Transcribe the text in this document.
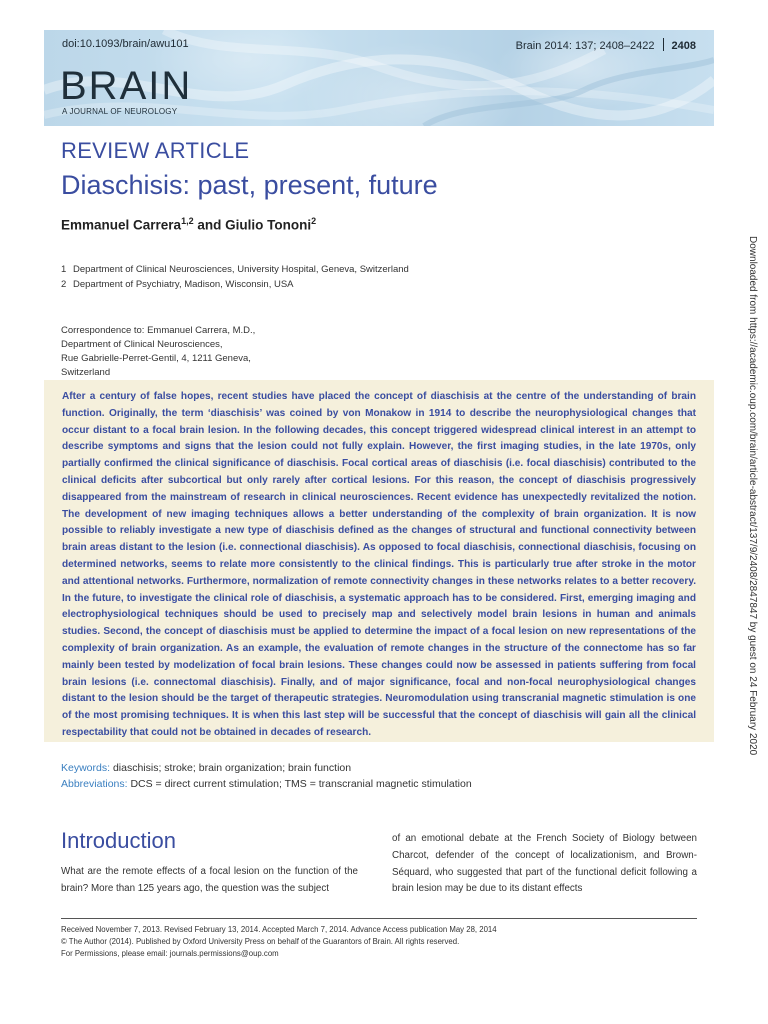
doi:10.1093/brain/awu101	Brain 2014: 137; 2408–2422 2408
BRAIN
A JOURNAL OF NEUROLOGY
REVIEW ARTICLE
Diaschisis: past, present, future
Emmanuel Carrera$^{1,2}$ and Giulio Tononi$^2$
1 Department of Clinical Neurosciences, University Hospital, Geneva, Switzerland
2 Department of Psychiatry, Madison, Wisconsin, USA
Correspondence to: Emmanuel Carrera, M.D.,
Department of Clinical Neurosciences,
Rue Gabrielle-Perret-Gentil, 4, 1211 Geneva,
Switzerland

After a century of false hopes, recent studies have placed the concept of diaschisis at the centre of the understanding of brain function. Originally, the term ‘diaschisis’ was coined by von Monakow in 1914 to describe the neurophysiological changes that occur distant to a focal brain lesion. In the following decades, this concept triggered widespread clinical interest in an attempt to describe symptoms and signs that the lesion could not fully explain. However, the first imaging studies, in the late 1970s, only partially confirmed the clinical significance of diaschisis. Focal cortical areas of diaschisis (i.e. focal diaschisis) contributed to the clinical deficits after subcortical but only rarely after cortical lesions. For this reason, the concept of diaschisis progressively disappeared from the mainstream of research in clinical neurosciences. Recent evidence has unexpectedly revitalized the notion. The development of new imaging techniques allows a better understanding of the complexity of brain organization. It is now possible to reliably investigate a new type of diaschisis defined as the changes of structural and functional connectivity between brain areas distant to the lesion (i.e. connectional diaschisis). As opposed to focal diaschisis, connectional diaschisis, focusing on determined networks, seems to relate more consistently to the clinical findings. This is particularly true after stroke in the motor and attentional networks. Furthermore, normalization of remote connectivity changes in these networks relates to a better recovery. In the future, to investigate the clinical role of diaschisis, a systematic approach has to be considered. First, emerging imaging and electrophysiological techniques should be used to precisely map and selectively model brain lesions in human and animals studies. Second, the concept of diaschisis must be applied to determine the impact of a focal lesion on new representations of the complexity of brain organization. As an example, the evaluation of remote changes in the structure of the connectome has so far mainly been tested by modelization of focal brain lesions. These changes could now be assessed in patients suffering from focal brain lesions (i.e. connectomal diaschisis). Finally, and of major significance, focal and non-focal neurophysiological changes distant to the lesion should be the target of therapeutic strategies. Neuromodulation using transcranial magnetic stimulation is one of the most promising techniques. It is when this last step will be successful that the concept of diaschisis will gain all the clinical respectability that could not be obtained in decades of research.

Keywords: diaschisis; stroke; brain organization; brain function
Abbreviations: DCS = direct current stimulation; TMS = transcranial magnetic stimulation
Introduction
What are the remote effects of a focal lesion on the function of the brain? More than 125 years ago, the question was the subject
of an emotional debate at the French Society of Biology between Charcot, defender of the concept of localizationism, and Brown-Séquard, who suggested that part of the functional deficit following a brain lesion may be due to its distant effects
Received November 7, 2013. Revised February 13, 2014. Accepted March 7, 2014. Advance Access publication May 28, 2014
© The Author (2014). Published by Oxford University Press on behalf of the Guarantors of Brain. All rights reserved.
For Permissions, please email: journals.permissions@oup.com
Downloaded from https://academic.oup.com/brain/article-abstract/137/9/2408/2847847 by guest on 24 February 2020
